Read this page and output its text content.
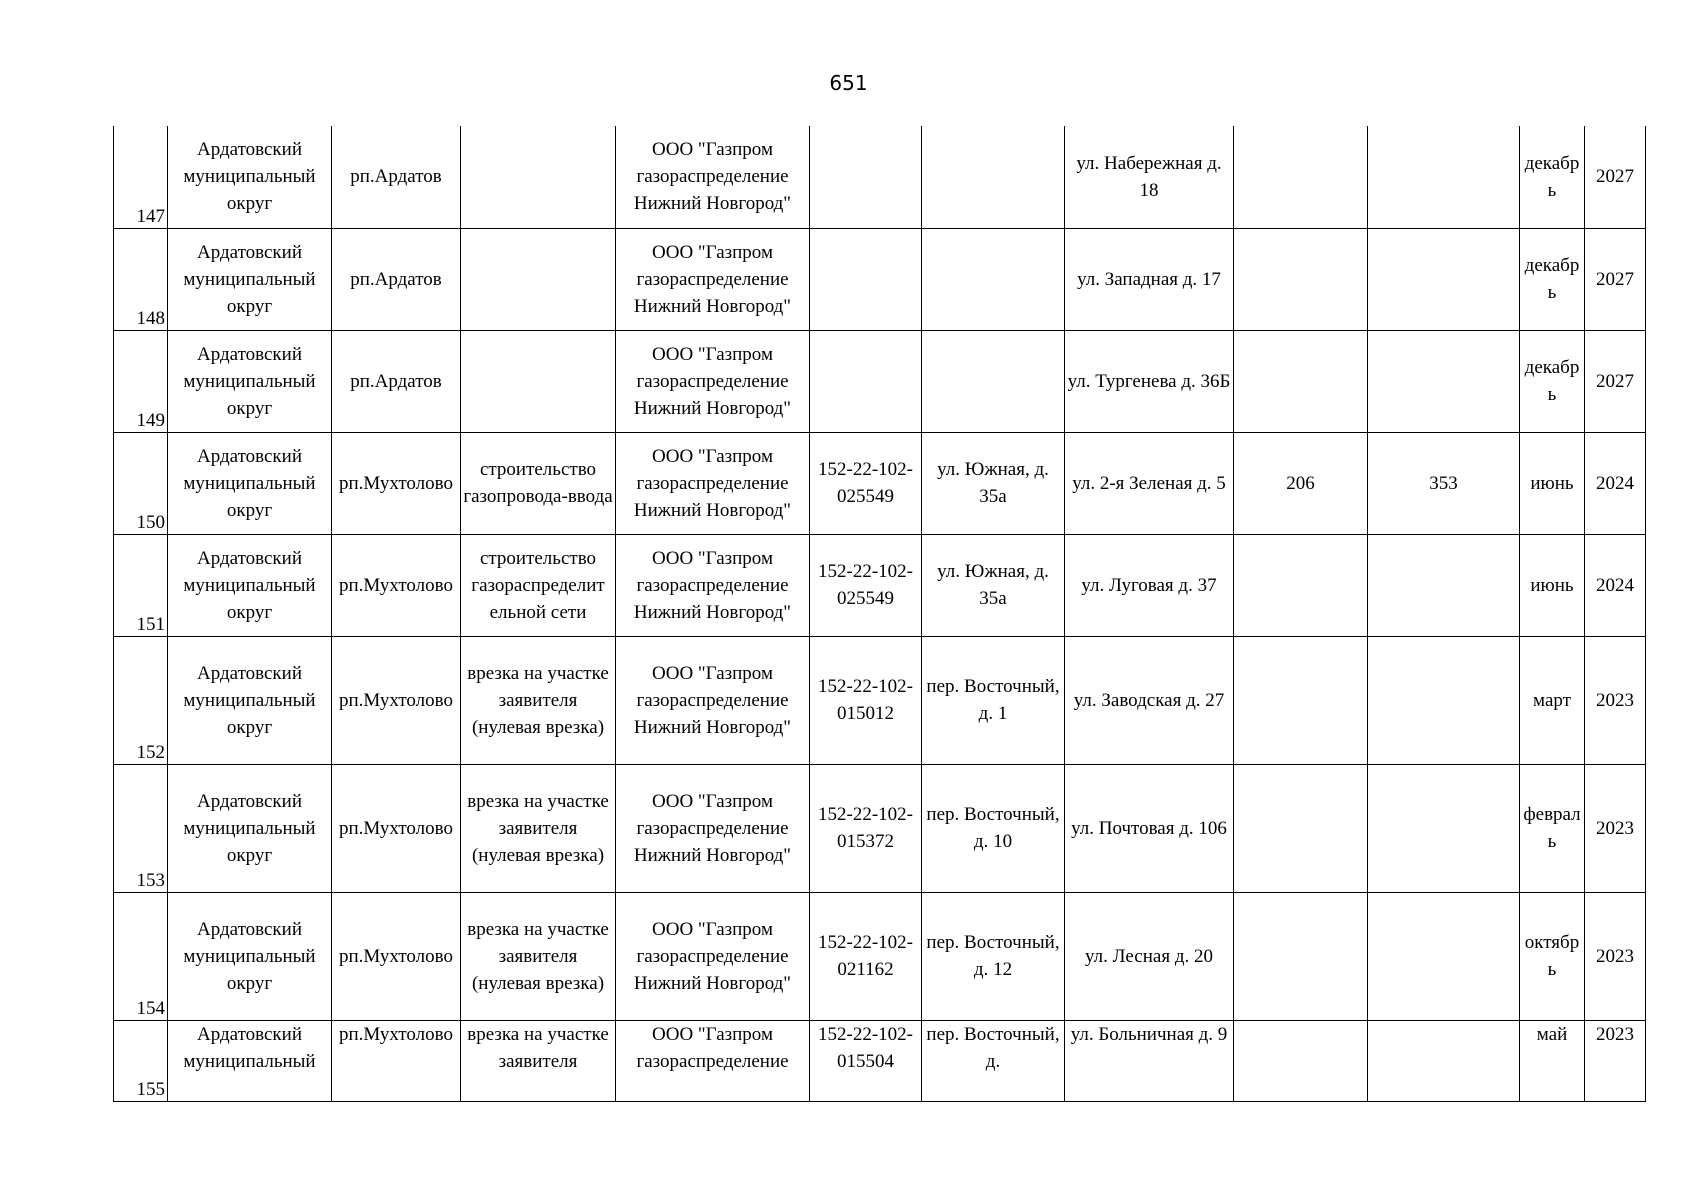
651
147	Ардатовский муниципальный округ	рп.Ардатов		ООО "Газпром газораспределение Нижний Новгород"			ул. Набережная д. 18			декабр ь	2027
148	Ардатовский муниципальный округ	рп.Ардатов		ООО "Газпром газораспределение Нижний Новгород"			ул. Западная д. 17			декабр ь	2027
149	Ардатовский муниципальный округ	рп.Ардатов		ООО "Газпром газораспределение Нижний Новгород"			ул. Тургенева д. 36Б			декабр ь	2027
150	Ардатовский муниципальный округ	рп.Мухтолово	строительство газопровода-ввода	ООО "Газпром газораспределение Нижний Новгород"	152-22-102-025549	ул. Южная, д. 35а	ул. 2-я Зеленая д. 5	206	353	июнь	2024
151	Ардатовский муниципальный округ	рп.Мухтолово	строительство газораспределит ельной сети	ООО "Газпром газораспределение Нижний Новгород"	152-22-102-025549	ул. Южная, д. 35а	ул. Луговая д. 37			июнь	2024
152	Ардатовский муниципальный округ	рп.Мухтолово	врезка на участке заявителя (нулевая врезка)	ООО "Газпром газораспределение Нижний Новгород"	152-22-102-015012	пер. Восточный, д. 1	ул. Заводская д. 27			март	2023
153	Ардатовский муниципальный округ	рп.Мухтолово	врезка на участке заявителя (нулевая врезка)	ООО "Газпром газораспределение Нижний Новгород"	152-22-102-015372	пер. Восточный, д. 10	ул. Почтовая д. 106			феврал ь	2023
154	Ардатовский муниципальный округ	рп.Мухтолово	врезка на участке заявителя (нулевая врезка)	ООО "Газпром газораспределение Нижний Новгород"	152-22-102-021162	пер. Восточный, д. 12	ул. Лесная д. 20			октябр ь	2023
155	Ардатовский муниципальный	рп.Мухтолово	врезка на участке заявителя	ООО "Газпром газораспределение	152-22-102-015504	пер. Восточный, д.	ул. Больничная д. 9			май	2023
